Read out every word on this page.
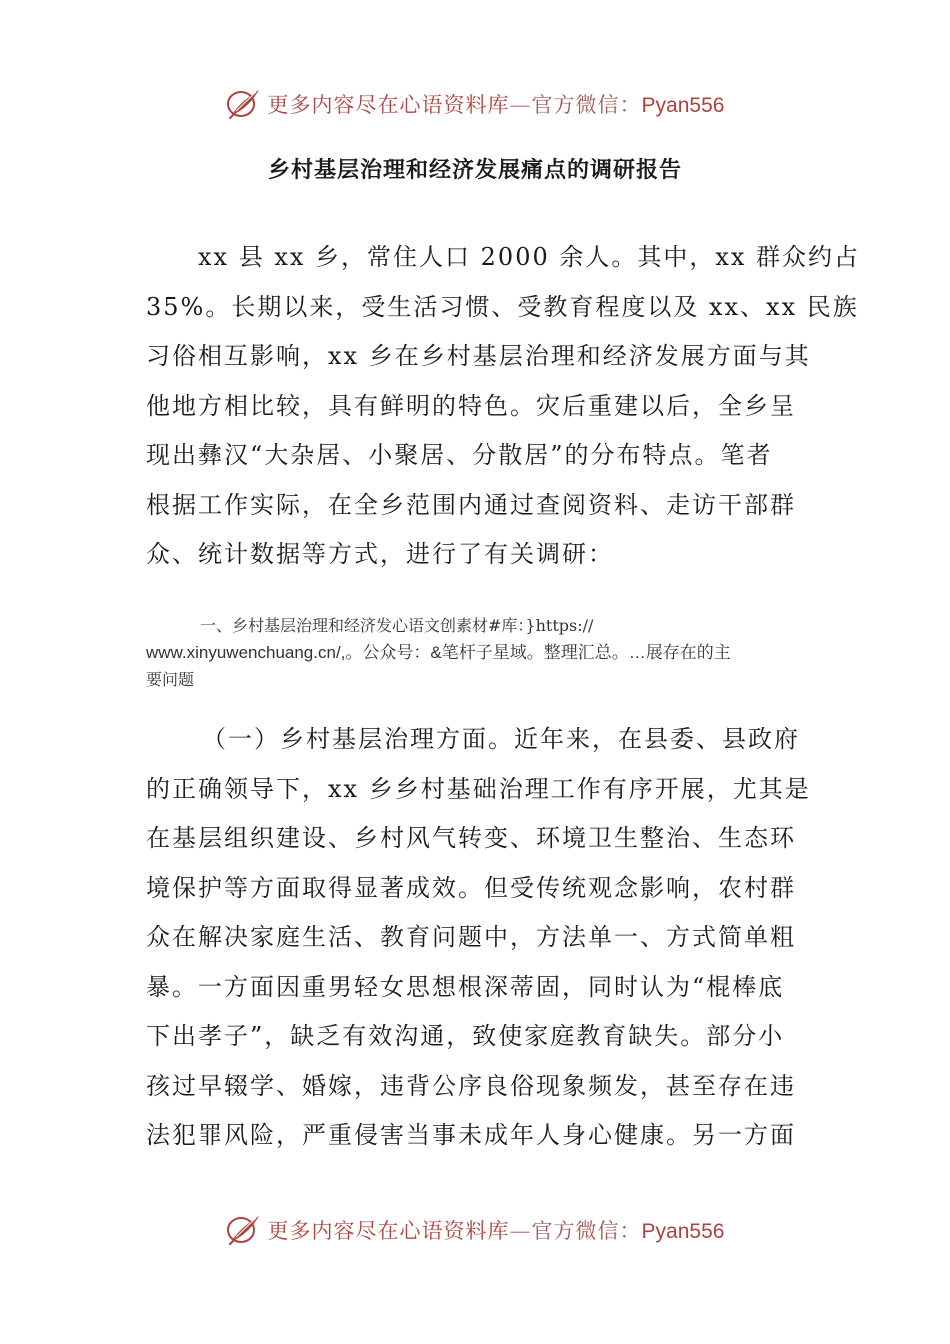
更多内容尽在心语资料库—官方微信：Pyan556
乡村基层治理和经济发展痛点的调研报告
xx 县 xx 乡，常住人口 2000 余人。其中，xx 群众约占
35%。长期以来，受生活习惯、受教育程度以及 xx、xx 民族
习俗相互影响，xx 乡在乡村基层治理和经济发展方面与其
他地方相比较，具有鲜明的特色。灾后重建以后，全乡呈
现出彝汉“大杂居、小聚居、分散居”的分布特点。笔者
根据工作实际，在全乡范围内通过查阅资料、走访干部群
众、统计数据等方式，进行了有关调研：
一、乡村基层治理和经济发心语文创素材#库：}https://
www.xinyuwenchuang.cn/,。公众号：&笔杆子星域。整理汇总。…展存在的主
要问题
（一）乡村基层治理方面。近年来，在县委、县政府
的正确领导下，xx 乡乡村基础治理工作有序开展，尤其是
在基层组织建设、乡村风气转变、环境卫生整治、生态环
境保护等方面取得显著成效。但受传统观念影响，农村群
众在解决家庭生活、教育问题中，方法单一、方式简单粗
暴。一方面因重男轻女思想根深蒂固，同时认为“棍棒底
下出孝子”，缺乏有效沟通，致使家庭教育缺失。部分小
孩过早辍学、婚嫁，违背公序良俗现象频发，甚至存在违
法犯罪风险，严重侵害当事未成年人身心健康。另一方面
更多内容尽在心语资料库—官方微信：Pyan556
